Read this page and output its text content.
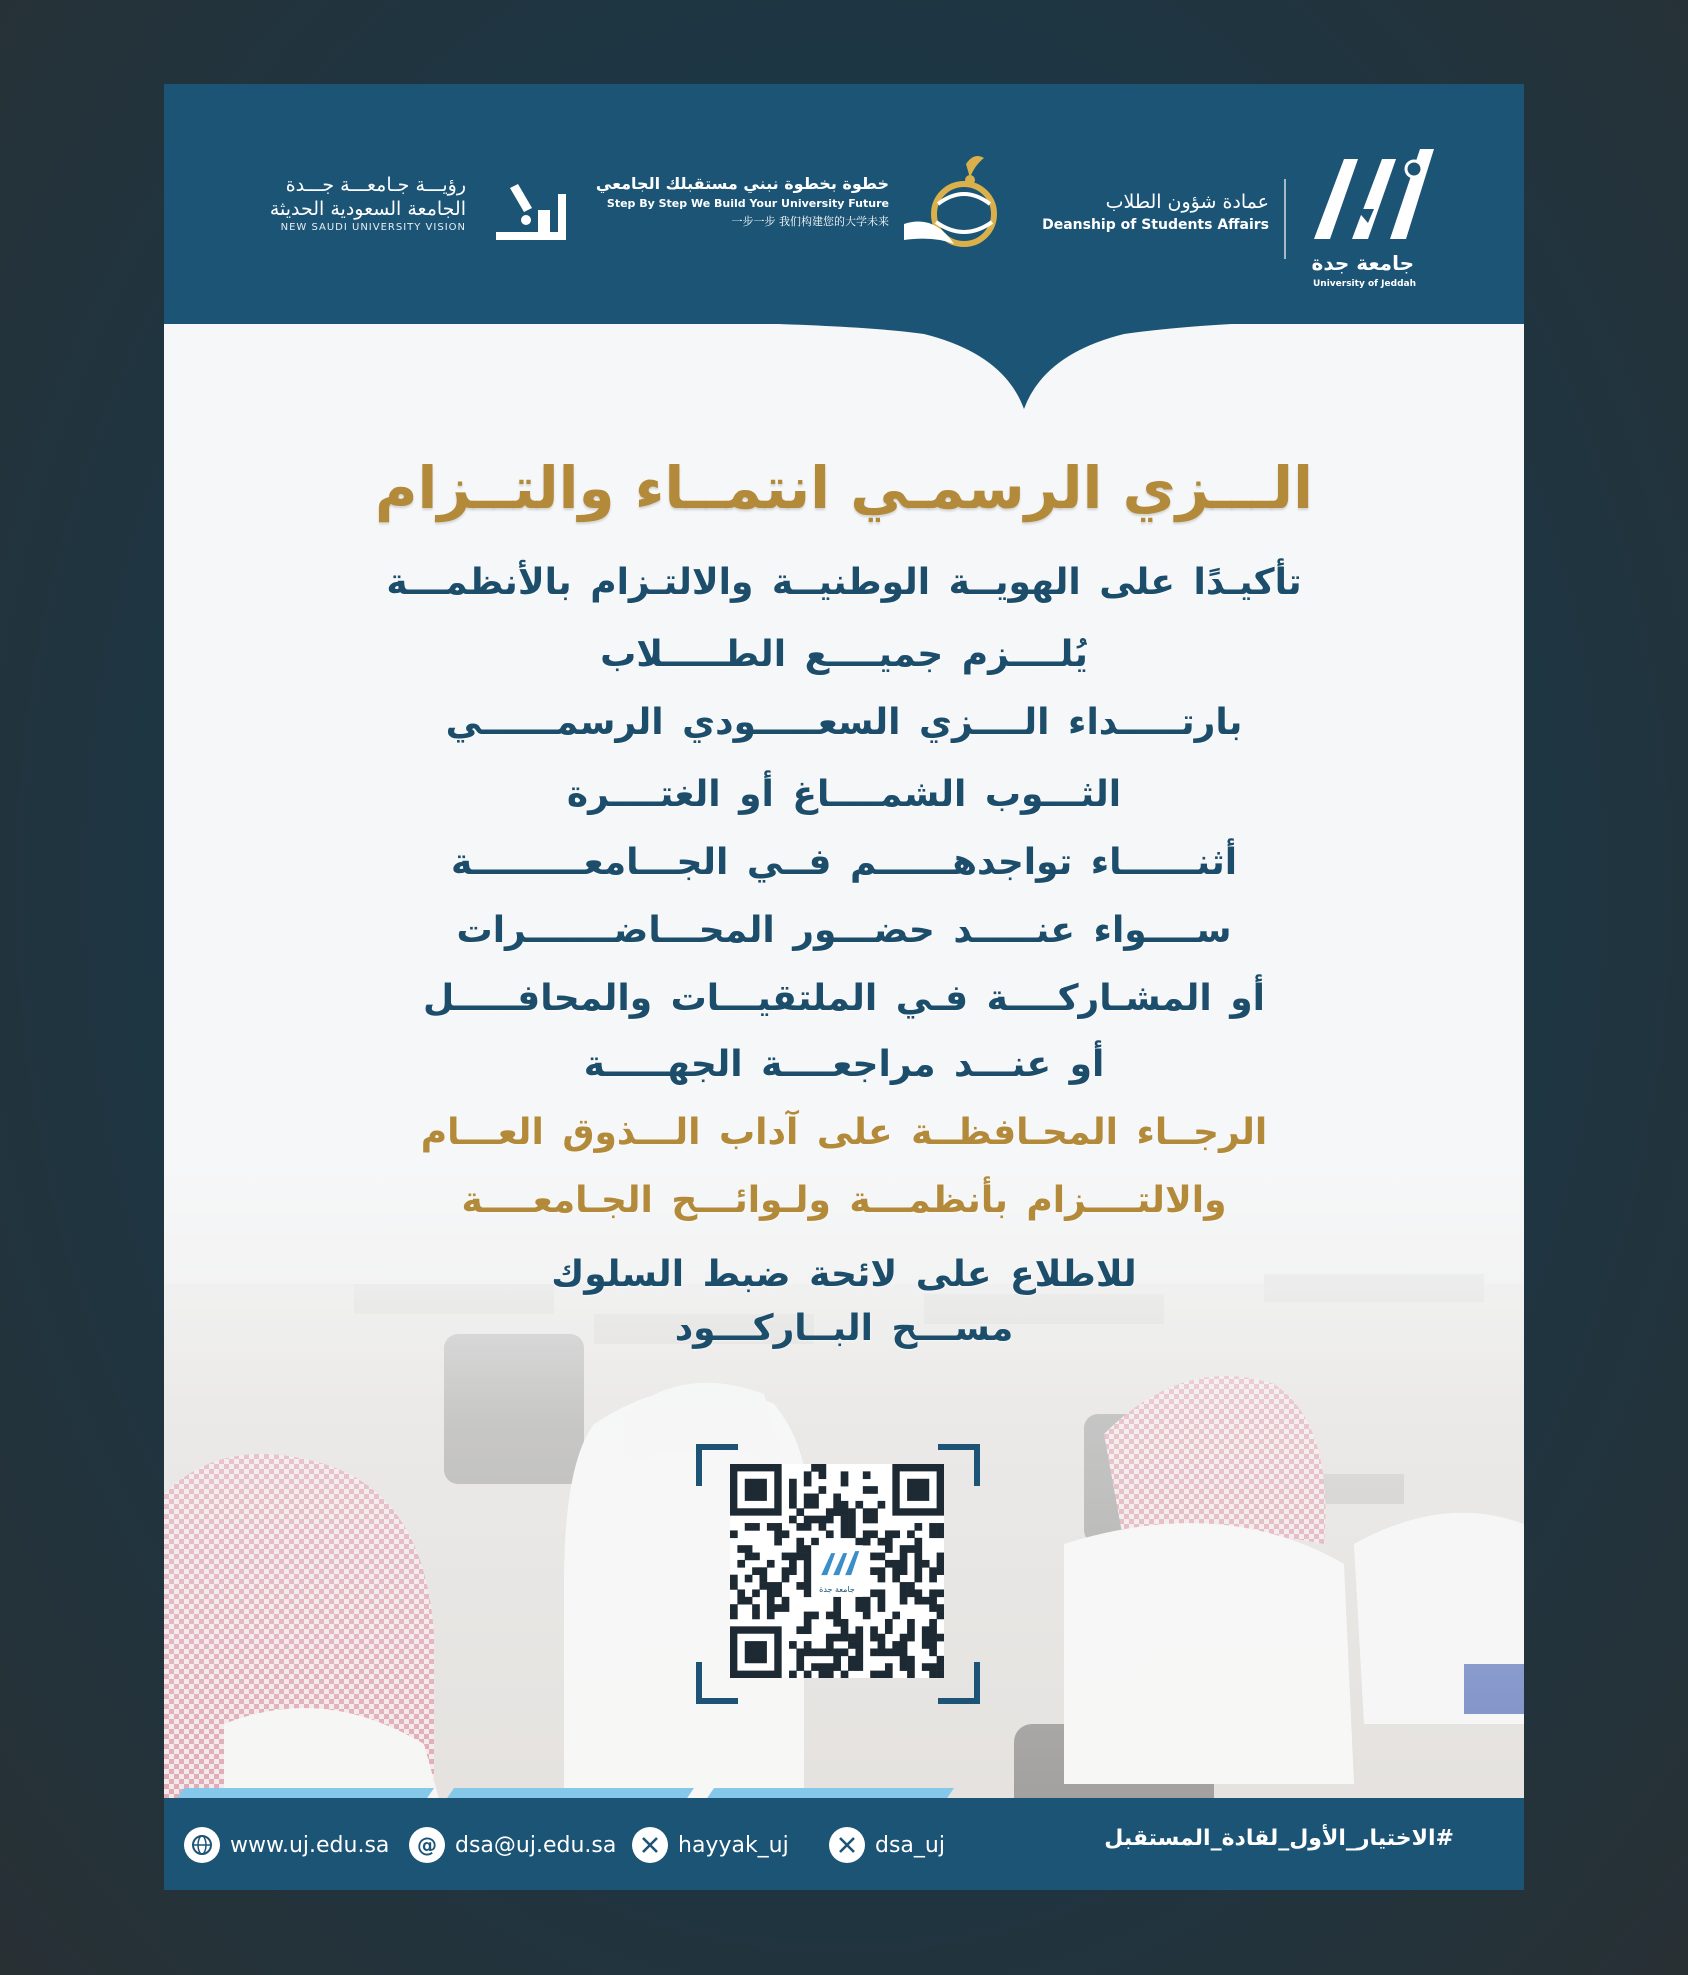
رؤيـــة جـامعـــة جـــدة
الجامعة السعودية الحديثة
NEW SAUDI UNIVERSITY VISION
خطوة بخطوة نبني مستقبلك الجامعي
Step By Step We Build Your University Future
一步一步 我们构建您的大学未来
عمادة شؤون الطلاب
Deanship of Students Affairs
جامعة جدة
University of Jeddah
الـــزي الرسمـي انتمــاء والتــزام
تأكيـدًا على الهويــة الوطنيــة والالتـزام بالأنظمـــة
يُلــــزم جميــــع الطـــــلاب
بارتـــــداء الــــزي السعـــــودي الرسمــــــي
الثـــوب الشمــــاغ أو الغتــــرة
أثنــــــاء تواجدهــــــم فــي الجـــامعـــــــــة
ســــواء عنـــــد حضـــور المحـــاضـــــــرات
أو المشـاركــــة فـي الملتقيـــات والمحافـــــل
أو عنـــد مراجعــــة الجهـــــة
الرجــاء المحـافظــة على آداب الـــذوق العـــام
والالتــــزام بأنظمـــة ولـوائـــح الجـامعــــة
للاطلاع على لائحة ضبط السلوك
مســـح البــاركـــود
جامعة جدة
#الاختيار_الأول_لقادة_المستقبل
www.uj.edu.sa	@ dsa@uj.edu.sa	hayyak_uj	dsa_uj
